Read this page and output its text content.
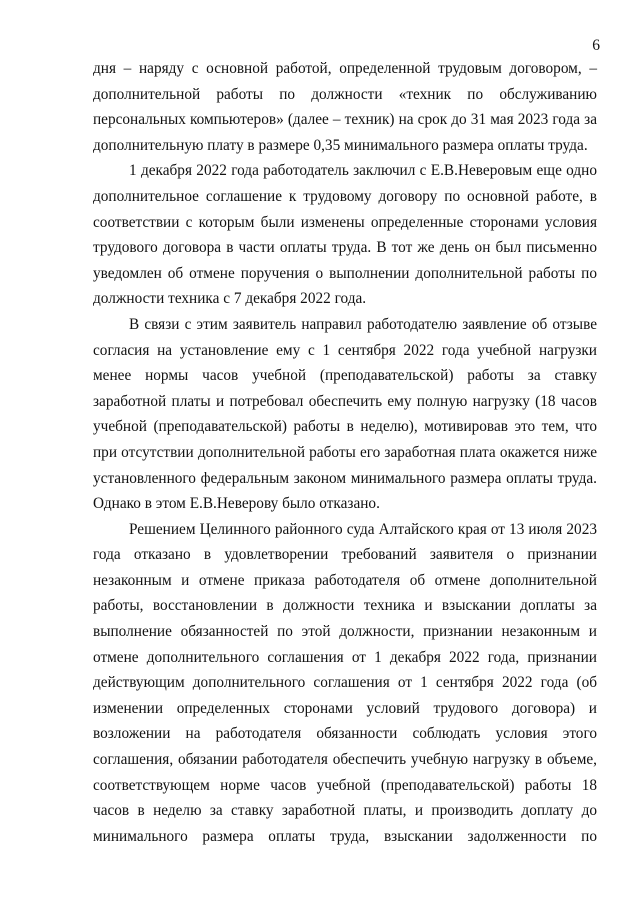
6

дня – наряду с основной работой, определенной трудовым договором, – дополнительной работы по должности «техник по обслуживанию персональных компьютеров» (далее – техник) на срок до 31 мая 2023 года за дополнительную плату в размере 0,35 минимального размера оплаты труда.

1 декабря 2022 года работодатель заключил с Е.В.Неверовым еще одно дополнительное соглашение к трудовому договору по основной работе, в соответствии с которым были изменены определенные сторонами условия трудового договора в части оплаты труда. В тот же день он был письменно уведомлен об отмене поручения о выполнении дополнительной работы по должности техника с 7 декабря 2022 года.

В связи с этим заявитель направил работодателю заявление об отзыве согласия на установление ему с 1 сентября 2022 года учебной нагрузки менее нормы часов учебной (преподавательской) работы за ставку заработной платы и потребовал обеспечить ему полную нагрузку (18 часов учебной (преподавательской) работы в неделю), мотивировав это тем, что при отсутствии дополнительной работы его заработная плата окажется ниже установленного федеральным законом минимального размера оплаты труда. Однако в этом Е.В.Неверову было отказано.

Решением Целинного районного суда Алтайского края от 13 июля 2023 года отказано в удовлетворении требований заявителя о признании незаконным и отмене приказа работодателя об отмене дополнительной работы, восстановлении в должности техника и взыскании доплаты за выполнение обязанностей по этой должности, признании незаконным и отмене дополнительного соглашения от 1 декабря 2022 года, признании действующим дополнительного соглашения от 1 сентября 2022 года (об изменении определенных сторонами условий трудового договора) и возложении на работодателя обязанности соблюдать условия этого соглашения, обязании работодателя обеспечить учебную нагрузку в объеме, соответствующем норме часов учебной (преподавательской) работы 18 часов в неделю за ставку заработной платы, и производить доплату до минимального размера оплаты труда, взыскании задолженности по
